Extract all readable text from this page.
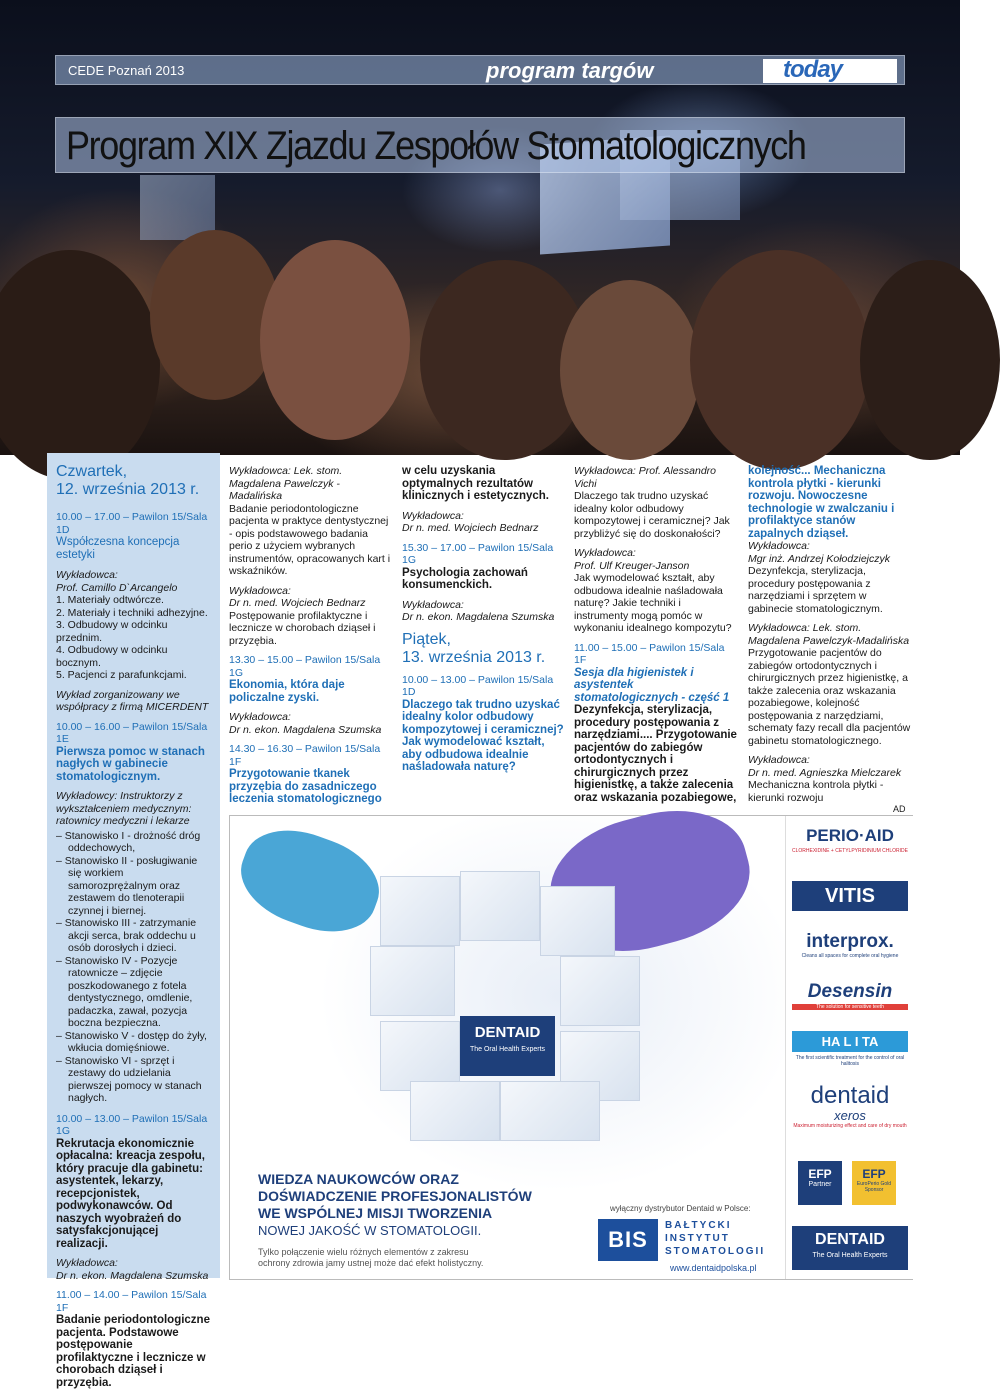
CEDE Poznań 2013	program targów	today	7
Program XIX Zjazdu Zespołów Stomatologicznych
Czwartek,
12. września 2013 r.
10.00 – 17.00 – Pawilon 15/Sala 1D
Współczesna koncepcja estetyki
Wykładowca:
Prof. Camillo D`Arcangelo
1. Materiały odtwórcze.
2. Materiały i techniki adhezyjne.
3. Odbudowy w odcinku przednim.
4. Odbudowy w odcinku bocznym.
5. Pacjenci z parafunkcjami.
Wykład zorganizowany we współpracy z firmą MICERDENT
10.00 – 16.00 – Pawilon 15/Sala 1E
Pierwsza pomoc w stanach nagłych w gabinecie stomatologicznym.
Wykładowcy: Instruktorzy z wykształceniem medycznym: ratownicy medyczni i lekarze
– Stanowisko I - drożność dróg oddechowych,
– Stanowisko II - posługiwanie się workiem samorozprężalnym oraz zestawem do tlenoterapii czynnej i biernej.
– Stanowisko III - zatrzymanie akcji serca, brak oddechu u osób dorosłych i dzieci.
– Stanowisko IV - Pozycje ratownicze – zdjęcie poszkodowanego z fotela dentystycznego, omdlenie, padaczka, zawał, pozycja boczna bezpieczna.
– Stanowisko V - dostęp do żyły, wkłucia domięśniowe.
– Stanowisko VI - sprzęt i zestawy do udzielania pierwszej pomocy w stanach nagłych.
10.00 – 13.00 – Pawilon 15/Sala 1G
Rekrutacja ekonomicznie opłacalna: kreacja zespołu, który pracuje dla gabinetu: asystentek, lekarzy, recepcjonistek, podwykonawców. Od naszych wyobrażeń do satysfakcjonującej realizacji.
Wykładowca:
Dr n. ekon. Magdalena Szumska
11.00 – 14.00 – Pawilon 15/Sala 1F
Badanie periodontologiczne pacjenta. Podstawowe postępowanie profilaktyczne i lecznicze w chorobach dziąseł i przyzębia.
Wykładowca: Lek. stom. Magdalena Pawelczyk - Madalińska
Badanie periodontologiczne pacjenta w praktyce dentystycznej - opis podstawowego badania perio z użyciem wybranych instrumentów, opracowanych kart i wskaźników.
Wykładowca:
Dr n. med. Wojciech Bednarz
Postępowanie profilaktyczne i lecznicze w chorobach dziąseł i przyzębia.
13.30 – 15.00 – Pawilon 15/Sala 1G
Ekonomia, która daje policzalne zyski.
Wykładowca:
Dr n. ekon. Magdalena Szumska
14.30 – 16.30 – Pawilon 15/Sala 1F
Przygotowanie tkanek przyzębia do zasadniczego leczenia stomatologicznego
w celu uzyskania optymalnych rezultatów klinicznych i estetycznych.
Wykładowca:
Dr n. med. Wojciech Bednarz
15.30 – 17.00 – Pawilon 15/Sala 1G
Psychologia zachowań konsumenckich.
Wykładowca:
Dr n. ekon. Magdalena Szumska
Piątek,
13. września 2013 r.
10.00 – 13.00 – Pawilon 15/Sala 1D
Dlaczego tak trudno uzyskać idealny kolor odbudowy kompozytowej i ceramicznej? Jak wymodelować kształt, aby odbudowa idealnie naśladowała naturę?
Wykładowca: Prof. Alessandro Vichi
Dlaczego tak trudno uzyskać idealny kolor odbudowy kompozytowej i ceramicznej? Jak przybliżyć się do doskonałości?
Wykładowca:
Prof. Ulf Kreuger-Janson
Jak wymodelować kształt, aby odbudowa idealnie naśladowała naturę? Jakie techniki i instrumenty mogą pomóc w wykonaniu idealnego kompozytu?
11.00 – 15.00 – Pawilon 15/Sala 1F
Sesja dla higienistek i asystentek stomatologicznych - część 1
Dezynfekcja, sterylizacja, procedury postępowania z narzędziami.... Przygotowanie pacjentów do zabiegów ortodontycznych i chirurgicznych przez higienistkę, a także zalecenia oraz wskazania pozabiegowe,
kolejność... Mechaniczna kontrola płytki - kierunki rozwoju. Nowoczesne technologie w zwalczaniu i profilaktyce stanów zapalnych dziąseł.
Wykładowca:
Mgr inż. Andrzej Kołodziejczyk
Dezynfekcja, sterylizacja, procedury postępowania z narzędziami i sprzętem w gabinecie stomatologicznym.
Wykładowca: Lek. stom. Magdalena Pawelczyk-Madalińska
Przygotowanie pacjentów do zabiegów ortodontycznych i chirurgicznych przez higienistkę, a także zalecenia oraz wskazania pozabiegowe, kolejność postępowania z narzędziami, schematy fazy recall dla pacjentów gabinetu stomatologicznego.
Wykładowca:
Dr n. med. Agnieszka Mielczarek
Mechaniczna kontrola płytki - kierunki rozwoju
AD
DENTAID
The Oral Health Experts
WIEDZA NAUKOWCÓW ORAZ
DOŚWIADCZENIE PROFESJONALISTÓW
WE WSPÓLNEJ MISJI TWORZENIA
NOWEJ JAKOŚĆ W STOMATOLOGII.
Tylko połączenie wielu różnych elementów z zakresu
ochrony zdrowia jamy ustnej może dać efekt holistyczny.
wyłączny dystrybutor Dentaid w Polsce:
BIS
BAŁTYCKI
INSTYTUT
STOMATOLOGII
www.dentaidpolska.pl
PERIO·AID
CLORHEXIDINE + CETYLPYRIDINIUM CHLORIDE
VITIS
interprox.
Cleans all spaces for complete oral hygiene
Desensin
The solution for sensitive teeth
HA L I TA
The first scientific treatment for the control of oral halitosis
dentaid
xeros
Maximum moisturizing effect and care of dry mouth
EFP
Partner
EFP
EuroPerio Gold Sponsor
DENTAID
The Oral Health Experts
